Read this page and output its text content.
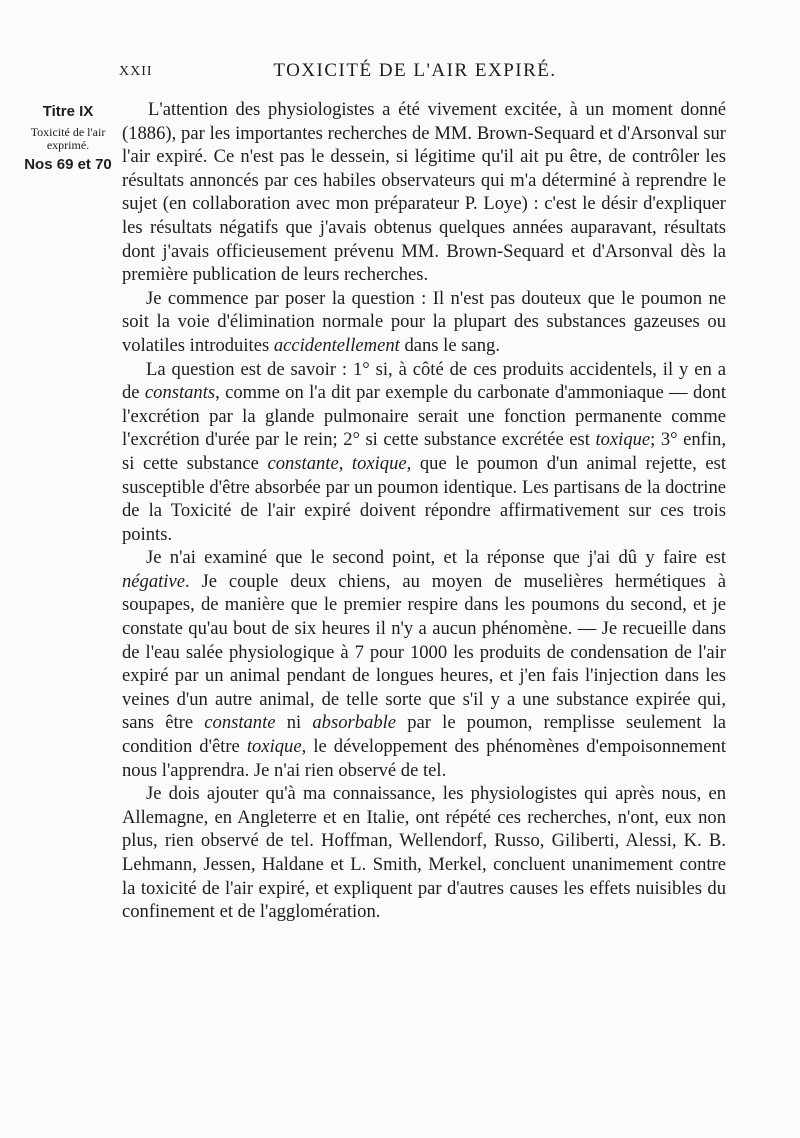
XXII	TOXICITÉ DE L'AIR EXPIRÉ.
Titre IX
Toxicité de l'air exprimé.
Nos 69 et 70

L'attention des physiologistes a été vivement excitée, à un moment donné (1886), par les importantes recherches de MM. Brown-Sequard et d'Arsonval sur l'air expiré. Ce n'est pas le dessein, si légitime qu'il ait pu être, de contrôler les résultats annoncés par ces habiles observateurs qui m'a déterminé à reprendre le sujet (en collaboration avec mon préparateur P. Loye) : c'est le désir d'expliquer les résultats négatifs que j'avais obtenus quelques années auparavant, résultats dont j'avais officieusement prévenu MM. Brown-Sequard et d'Arsonval dès la première publication de leurs recherches.

Je commence par poser la question : Il n'est pas douteux que le poumon ne soit la voie d'élimination normale pour la plupart des substances gazeuses ou volatiles introduites accidentellement dans le sang.

La question est de savoir : 1° si, à côté de ces produits accidentels, il y en a de constants, comme on l'a dit par exemple du carbonate d'ammoniaque — dont l'excrétion par la glande pulmonaire serait une fonction permanente comme l'excrétion d'urée par le rein; 2° si cette substance excrétée est toxique; 3° enfin, si cette substance constante, toxique, que le poumon d'un animal rejette, est susceptible d'être absorbée par un poumon identique. Les partisans de la doctrine de la Toxicité de l'air expiré doivent répondre affirmativement sur ces trois points.

Je n'ai examiné que le second point, et la réponse que j'ai dû y faire est négative. Je couple deux chiens, au moyen de muselières hermétiques à soupapes, de manière que le premier respire dans les poumons du second, et je constate qu'au bout de six heures il n'y a aucun phénomène. — Je recueille dans de l'eau salée physiologique à 7 pour 1000 les produits de condensation de l'air expiré par un animal pendant de longues heures, et j'en fais l'injection dans les veines d'un autre animal, de telle sorte que s'il y a une substance expirée qui, sans être constante ni absorbable par le poumon, remplisse seulement la condition d'être toxique, le développement des phénomènes d'empoisonnement nous l'apprendra. Je n'ai rien observé de tel.

Je dois ajouter qu'à ma connaissance, les physiologistes qui après nous, en Allemagne, en Angleterre et en Italie, ont répété ces recherches, n'ont, eux non plus, rien observé de tel. Hoffman, Wellendorf, Russo, Giliberti, Alessi, K. B. Lehmann, Jessen, Haldane et L. Smith, Merkel, concluent unanimement contre la toxicité de l'air expiré, et expliquent par d'autres causes les effets nuisibles du confinement et de l'agglomération.
